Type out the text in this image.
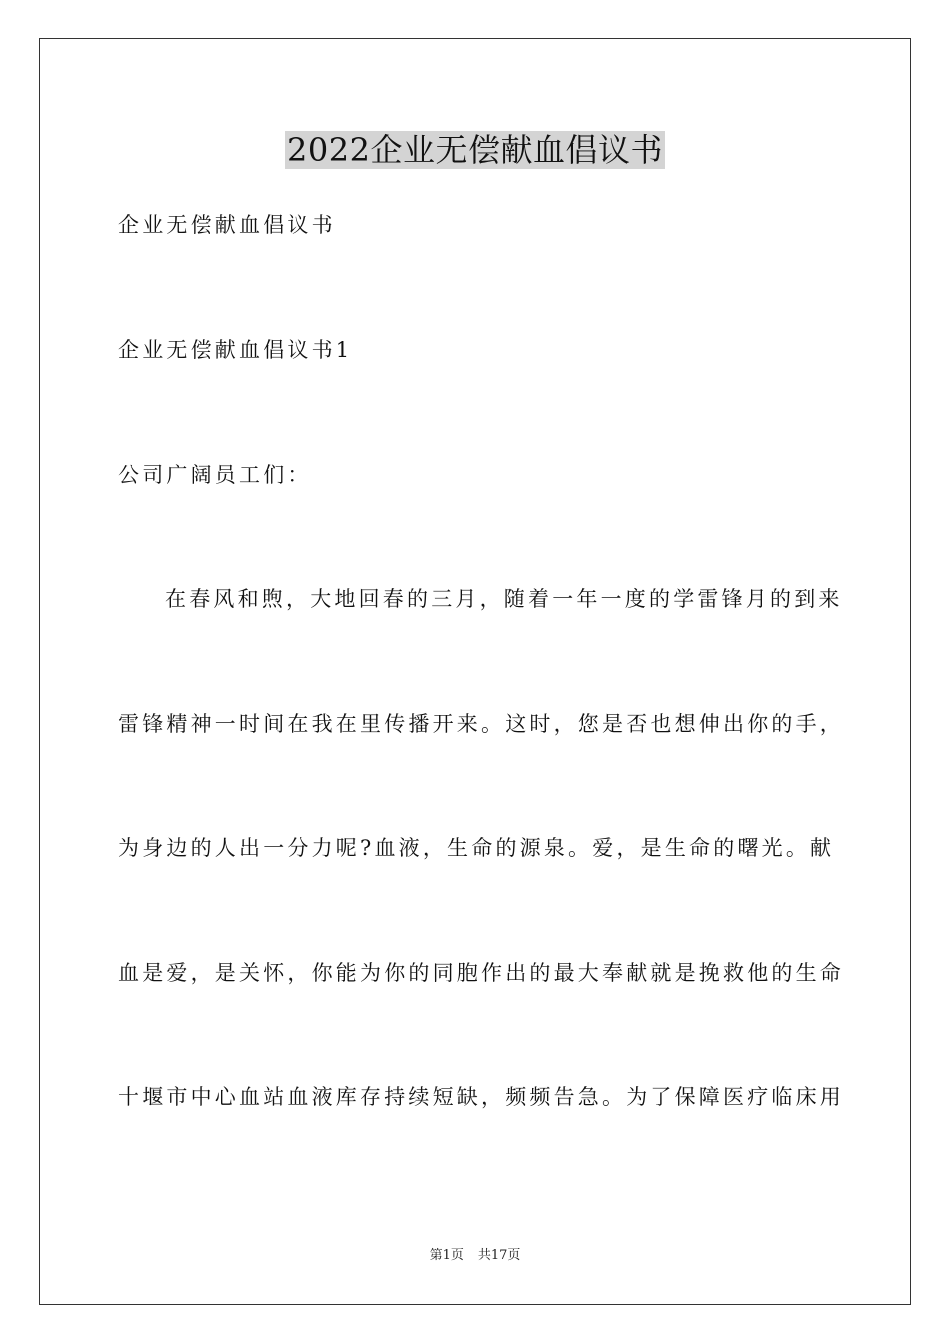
2022企业无偿献血倡议书
企业无偿献血倡议书
企业无偿献血倡议书1
公司广阔员工们：
在春风和煦，大地回春的三月，随着一年一度的学雷锋月的到来
雷锋精神一时间在我在里传播开来。这时，您是否也想伸出你的手，
为身边的人出一分力呢?血液，生命的源泉。爱，是生命的曙光。献
血是爱，是关怀，你能为你的同胞作出的最大奉献就是挽救他的生命
十堰市中心血站血液库存持续短缺，频频告急。为了保障医疗临床用
第1页 共17页
